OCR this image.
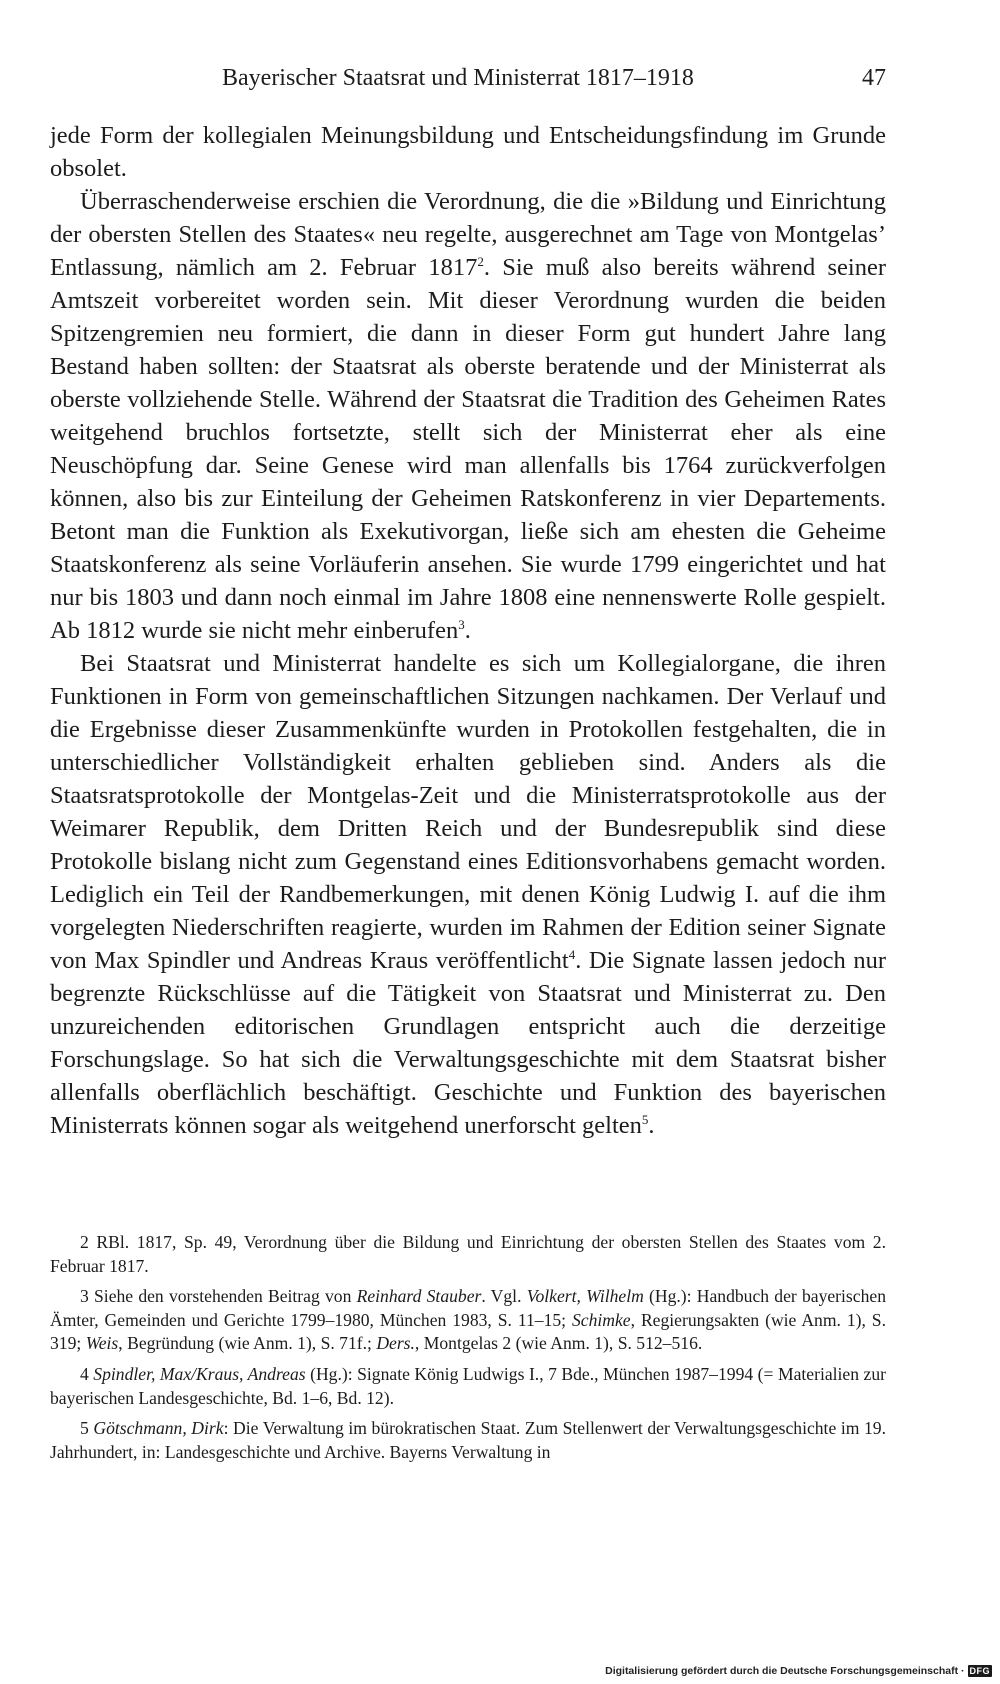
Bayerischer Staatsrat und Ministerrat 1817–1918	47

jede Form der kollegialen Meinungsbildung und Entscheidungsfindung im Grunde obsolet.

Überraschenderweise erschien die Verordnung, die die »Bildung und Einrichtung der obersten Stellen des Staates« neu regelte, ausgerechnet am Tage von Montgelas’ Entlassung, nämlich am 2. Februar 1817$^2$. Sie muß also bereits während seiner Amtszeit vorbereitet worden sein. Mit dieser Verordnung wurden die beiden Spitzengremien neu formiert, die dann in dieser Form gut hundert Jahre lang Bestand haben sollten: der Staatsrat als oberste beratende und der Ministerrat als oberste vollziehende Stelle. Während der Staatsrat die Tradition des Geheimen Rates weitgehend bruchlos fortsetzte, stellt sich der Ministerrat eher als eine Neuschöpfung dar. Seine Genese wird man allenfalls bis 1764 zurückverfolgen können, also bis zur Einteilung der Geheimen Ratskonferenz in vier Departements. Betont man die Funktion als Exekutivorgan, ließe sich am ehesten die Geheime Staatskonferenz als seine Vorläuferin ansehen. Sie wurde 1799 eingerichtet und hat nur bis 1803 und dann noch einmal im Jahre 1808 eine nennenswerte Rolle gespielt. Ab 1812 wurde sie nicht mehr einberufen$^3$.

Bei Staatsrat und Ministerrat handelte es sich um Kollegialorgane, die ihren Funktionen in Form von gemeinschaftlichen Sitzungen nachkamen. Der Verlauf und die Ergebnisse dieser Zusammenkünfte wurden in Protokollen festgehalten, die in unterschiedlicher Vollständigkeit erhalten geblieben sind. Anders als die Staatsratsprotokolle der Montgelas-Zeit und die Ministerratsprotokolle aus der Weimarer Republik, dem Dritten Reich und der Bundesrepublik sind diese Protokolle bislang nicht zum Gegenstand eines Editionsvorhabens gemacht worden. Lediglich ein Teil der Randbemerkungen, mit denen König Ludwig I. auf die ihm vorgelegten Niederschriften reagierte, wurden im Rahmen der Edition seiner Signate von Max Spindler und Andreas Kraus veröffentlicht$^4$. Die Signate lassen jedoch nur begrenzte Rückschlüsse auf die Tätigkeit von Staatsrat und Ministerrat zu. Den unzureichenden editorischen Grundlagen entspricht auch die derzeitige Forschungslage. So hat sich die Verwaltungsgeschichte mit dem Staatsrat bisher allenfalls oberflächlich beschäftigt. Geschichte und Funktion des bayerischen Ministerrats können sogar als weitgehend unerforscht gelten$^5$.

2 RBl. 1817, Sp. 49, Verordnung über die Bildung und Einrichtung der obersten Stellen des Staates vom 2. Februar 1817.

3 Siehe den vorstehenden Beitrag von Reinhard Stauber. Vgl. Volkert, Wilhelm (Hg.): Handbuch der bayerischen Ämter, Gemeinden und Gerichte 1799–1980, München 1983, S. 11–15; Schimke, Regierungsakten (wie Anm. 1), S. 319; Weis, Begründung (wie Anm. 1), S. 71f.; Ders., Montgelas 2 (wie Anm. 1), S. 512–516.

4 Spindler, Max/Kraus, Andreas (Hg.): Signate König Ludwigs I., 7 Bde., München 1987–1994 (= Materialien zur bayerischen Landesgeschichte, Bd. 1–6, Bd. 12).

5 Götschmann, Dirk: Die Verwaltung im bürokratischen Staat. Zum Stellenwert der Verwaltungsgeschichte im 19. Jahrhundert, in: Landesgeschichte und Archive. Bayerns Verwaltung in

Digitalisierung gefördert durch die Deutsche Forschungsgemeinschaft · DFG
